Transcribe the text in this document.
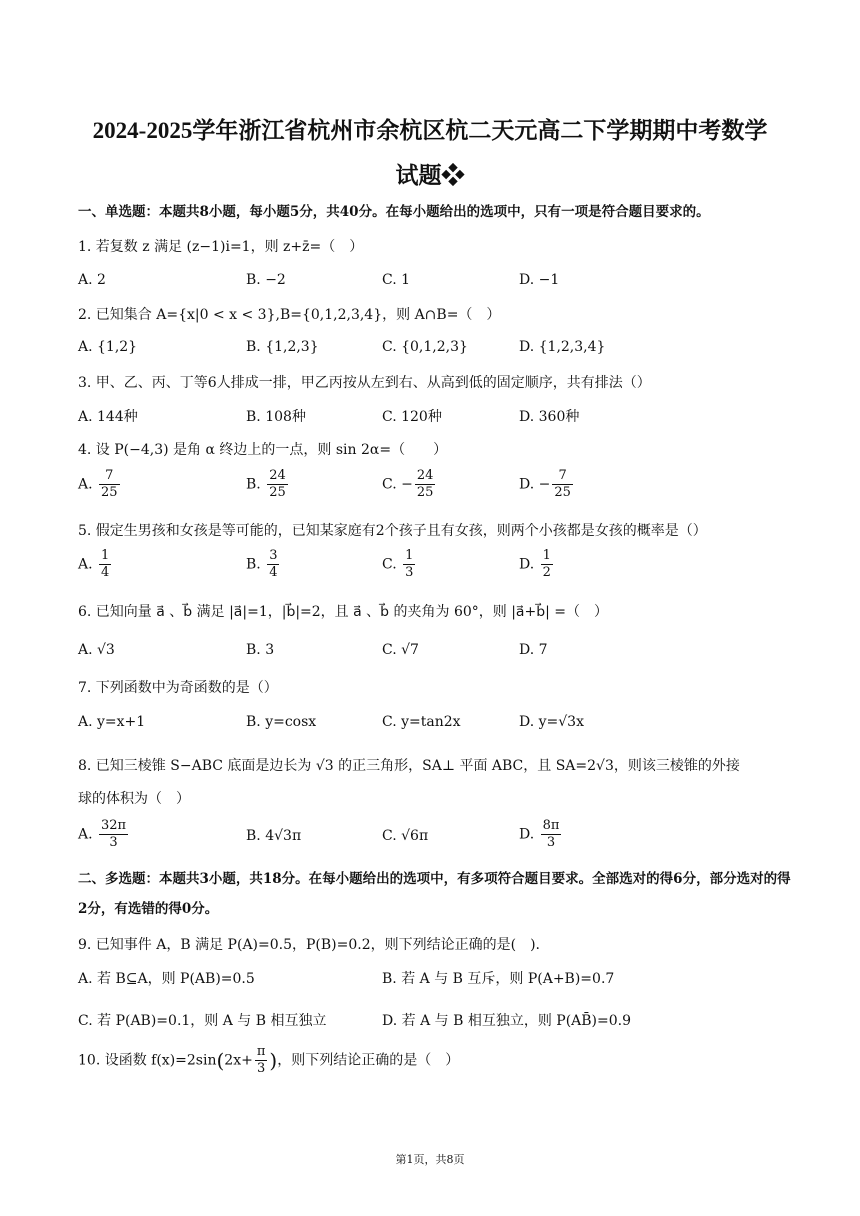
2024-2025学年浙江省杭州市余杭区杭二天元高二下学期期中考数学
试题❖
一、单选题：本题共8小题，每小题5分，共40分。在每小题给出的选项中，只有一项是符合题目要求的。
1. 若复数 z 满足 (z−1)i=1，则 z+z̄=（　）
A. 2	B. −2	C. 1	D. −1
2. 已知集合 A={x|0 < x < 3},B={0,1,2,3,4}，则 A∩B=（　）
A. {1,2}	B. {1,2,3}	C. {0,1,2,3}	D. {1,2,3,4}
3. 甲、乙、丙、丁等6人排成一排，甲乙丙按从左到右、从高到低的固定顺序，共有排法（）
A. 144种	B. 108种	C. 120种	D. 360种
4. 设 P(−4,3) 是角 α 终边上的一点，则 sin 2α=（　　）
A. $\frac{7}{25}$	B. $\frac{24}{25}$	C. − $\frac{24}{25}$	D. − $\frac{7}{25}$
5. 假定生男孩和女孩是等可能的，已知某家庭有2个孩子且有女孩，则两个小孩都是女孩的概率是（）
A. $\frac{1}{4}$	B. $\frac{3}{4}$	C. $\frac{1}{3}$	D. $\frac{1}{2}$
6. 已知向量 a⃗ 、b⃗ 满足 |a⃗|=1，|b⃗|=2，且 a⃗ 、b⃗ 的夹角为 60°，则 |a⃗+b⃗| =（　）
A. √3	B. 3	C. √7	D. 7
7. 下列函数中为奇函数的是（）
A. y=x+1	B. y=cosx	C. y=tan2x	D. y=√3x
8. 已知三棱锥 S−ABC 底面是边长为 √3 的正三角形，SA⊥ 平面 ABC，且 SA=2√3，则该三棱锥的外接
球的体积为（　）
A. $\frac{32\pi}{3}$	B. 4√3π	C. √6π	D. $\frac{8\pi}{3}$
二、多选题：本题共3小题，共18分。在每小题给出的选项中，有多项符合题目要求。全部选对的得6分，部分选对的得2分，有选错的得0分。
9. 已知事件 A，B 满足 P(A)=0.5，P(B)=0.2，则下列结论正确的是(　).
A. 若 B⊆A，则 P(AB)=0.5	B. 若 A 与 B 互斥，则 P(A+B)=0.7
C. 若 P(AB)=0.1，则 A 与 B 相互独立	D. 若 A 与 B 相互独立，则 P(AB̄)=0.9
10. 设函数 $f(x)=2\sin(2x+ \frac{\pi}{3}$ )，则下列结论正确的是（　）
第1页，共8页
